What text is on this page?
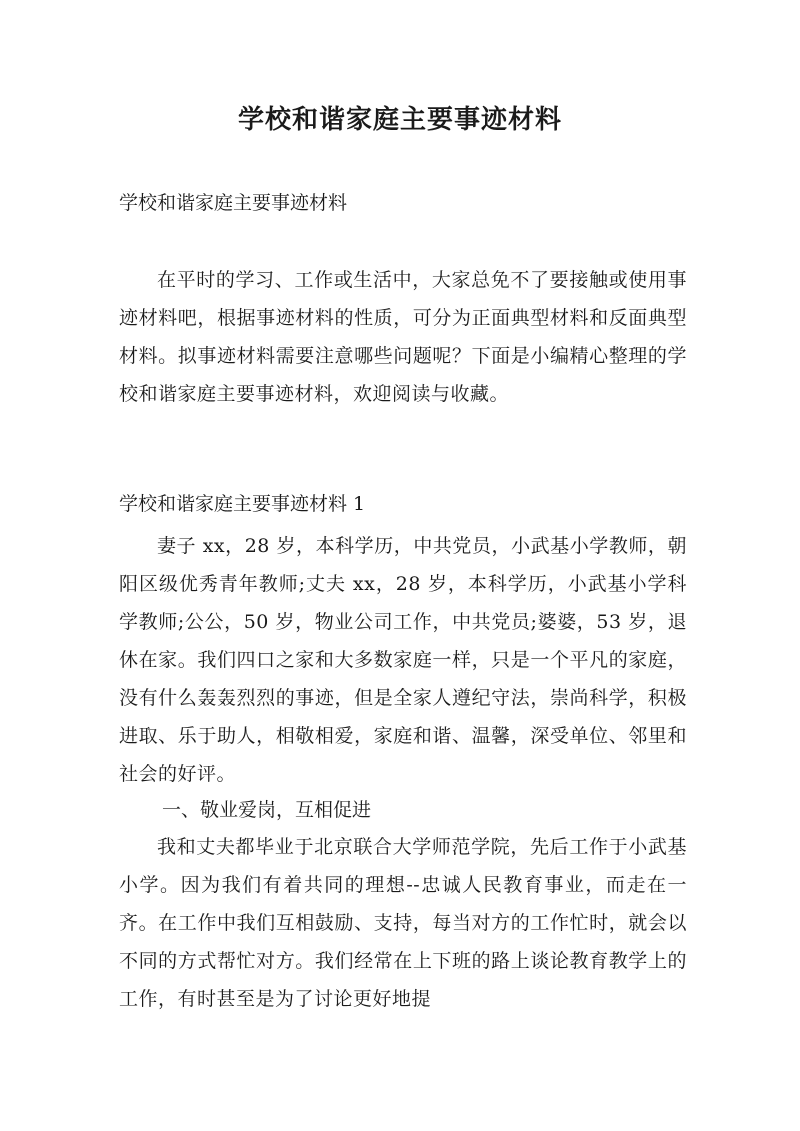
学校和谐家庭主要事迹材料
学校和谐家庭主要事迹材料
在平时的学习、工作或生活中，大家总免不了要接触或使用事迹材料吧，根据事迹材料的性质，可分为正面典型材料和反面典型材料。拟事迹材料需要注意哪些问题呢？下面是小编精心整理的学校和谐家庭主要事迹材料，欢迎阅读与收藏。
学校和谐家庭主要事迹材料 1
妻子 xx，28 岁，本科学历，中共党员，小武基小学教师，朝阳区级优秀青年教师;丈夫 xx，28 岁，本科学历，小武基小学科学教师;公公，50 岁，物业公司工作，中共党员;婆婆，53 岁，退休在家。我们四口之家和大多数家庭一样，只是一个平凡的家庭，没有什么轰轰烈烈的事迹，但是全家人遵纪守法，崇尚科学，积极进取、乐于助人，相敬相爱，家庭和谐、温馨，深受单位、邻里和社会的好评。
一、敬业爱岗，互相促进
我和丈夫都毕业于北京联合大学师范学院，先后工作于小武基小学。因为我们有着共同的理想--忠诚人民教育事业，而走在一齐。在工作中我们互相鼓励、支持，每当对方的工作忙时，就会以不同的方式帮忙对方。我们经常在上下班的路上谈论教育教学上的工作，有时甚至是为了讨论更好地提
